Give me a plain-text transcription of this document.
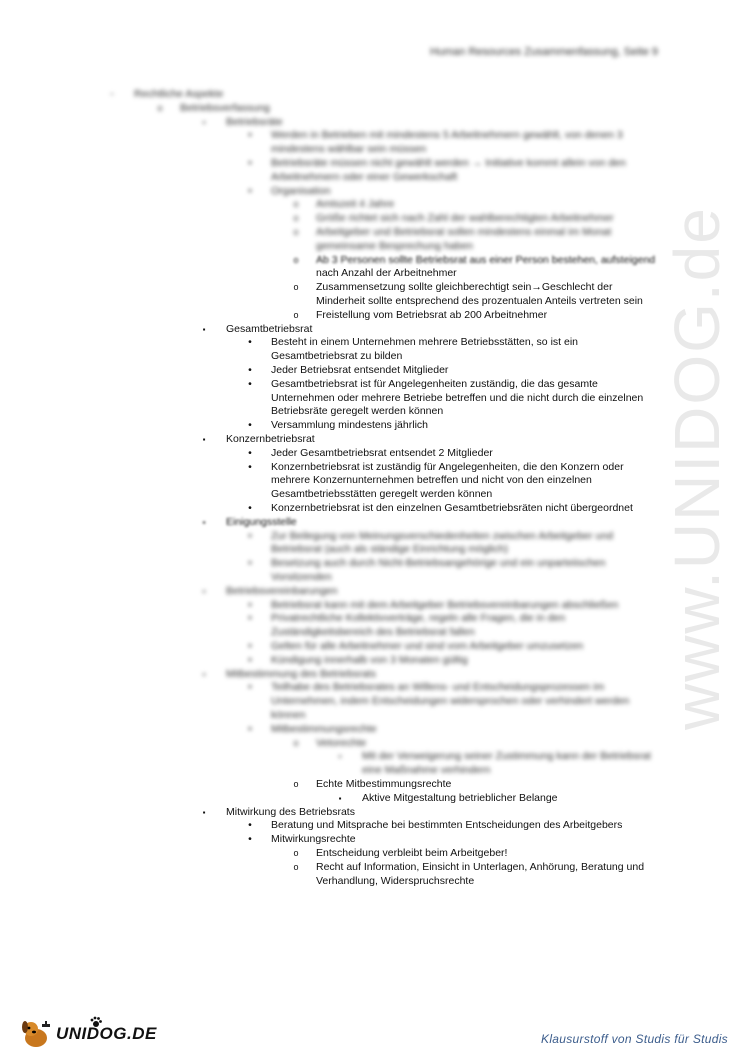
Human Resources Zusammenfassung, Seite 9
www.UNIDOG.de
-	Rechtliche Aspekte
o	Betriebsverfassung
▪	Betriebsräte
•	Werden in Betrieben mit mindestens 5 Arbeitnehmern gewählt, von denen 3
mindestens wählbar sein müssen
•	Betriebsräte müssen nicht gewählt werden → Initiative kommt allein von den
Arbeitnehmern oder einer Gewerkschaft
•	Organisation
o	Amtszeit 4 Jahre
o	Größe richtet sich nach Zahl der wahlberechtigten Arbeitnehmer
o	Arbeitgeber und Betriebsrat sollen mindestens einmal im Monat
gemeinsame Besprechung haben
o	Ab 3 Personen sollte Betriebsrat aus einer Person bestehen, aufsteigend
nach Anzahl der Arbeitnehmer
o	Zusammensetzung sollte gleichberechtigt sein→Geschlecht der
Minderheit sollte entsprechend des prozentualen Anteils vertreten sein
o	Freistellung vom Betriebsrat ab 200 Arbeitnehmer
▪	Gesamtbetriebsrat
•	Besteht in einem Unternehmen mehrere Betriebsstätten, so ist ein
Gesamtbetriebsrat zu bilden
•	Jeder Betriebsrat entsendet Mitglieder
•	Gesamtbetriebsrat ist für Angelegenheiten zuständig, die das gesamte
Unternehmen oder mehrere Betriebe betreffen und die nicht durch die einzelnen
Betriebsräte geregelt werden können
•	Versammlung mindestens jährlich
▪	Konzernbetriebsrat
•	Jeder Gesamtbetriebsrat entsendet 2 Mitglieder
•	Konzernbetriebsrat ist zuständig für Angelegenheiten, die den Konzern oder
mehrere Konzernunternehmen betreffen und nicht von den einzelnen
Gesamtbetriebsstätten geregelt werden können
•	Konzernbetriebsrat ist den einzelnen Gesamtbetriebsräten nicht übergeordnet
▪	Einigungsstelle
•	Zur Beilegung von Meinungsverschiedenheiten zwischen Arbeitgeber und
Betriebsrat (auch als ständige Einrichtung möglich)
•	Besetzung auch durch Nicht-Betriebsangehörige und ein unparteiischen
Vorsitzenden
▪	Betriebsvereinbarungen
•	Betriebsrat kann mit dem Arbeitgeber Betriebsvereinbarungen abschließen
•	Privatrechtliche Kollektivverträge, regeln alle Fragen, die in den
Zuständigkeitsbereich des Betriebsrat fallen
•	Gelten für alle Arbeitnehmer und sind vom Arbeitgeber umzusetzen
•	Kündigung innerhalb von 3 Monaten gültig
▪	Mitbestimmung des Betriebsrats
•	Teilhabe des Betriebsrates an Willens- und Entscheidungsprozessen im
Unternehmen, indem Entscheidungen widersprochen oder verhindert werden
können
•	Mitbestimmungsrechte
o	Vetorechte
▪	Mit der Verweigerung seiner Zustimmung kann der Betriebsrat
eine Maßnahme verhindern
o	Echte Mitbestimmungsrechte
▪	Aktive Mitgestaltung betrieblicher Belange
▪	Mitwirkung des Betriebsrats
•	Beratung und Mitsprache bei bestimmten Entscheidungen des Arbeitgebers
•	Mitwirkungsrechte
o	Entscheidung verbleibt beim Arbeitgeber!
o	Recht auf Information, Einsicht in Unterlagen, Anhörung, Beratung und
Verhandlung, Widerspruchsrechte
UNIDOG.DE	Klausurstoff von Studis für Studis
